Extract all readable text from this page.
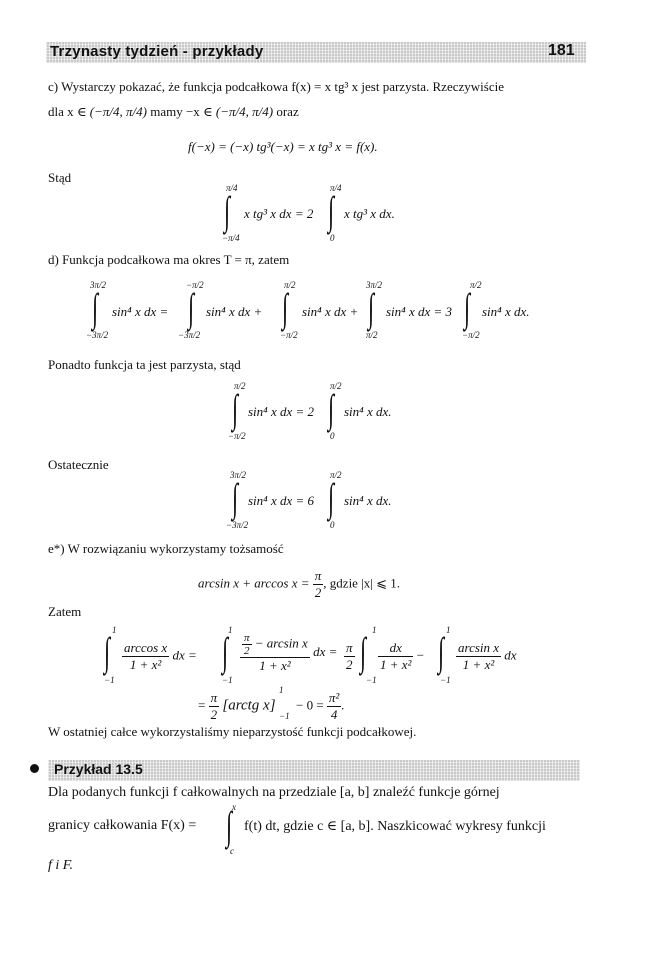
Trzynasty tydzień - przykłady	181
c) Wystarczy pokazać, że funkcja podcałkowa f(x) = x tg³ x jest parzysta. Rzeczywiście
dla x ∈ (−π/4, π/4) mamy −x ∈ (−π/4, π/4) oraz
f(−x) = (−x) tg³(−x) = x tg³ x = f(x).
Stąd
π/4
∫
−π/4
x tg³ x dx = 2
π/4
∫
0
x tg³ x dx.
d) Funkcja podcałkowa ma okres T = π, zatem
3π/2
∫
−3π/2
sin⁴ x dx =
−π/2
∫
−3π/2
sin⁴ x dx +
π/2
∫
−π/2
sin⁴ x dx +
3π/2
∫
π/2
sin⁴ x dx = 3
π/2
∫
−π/2
sin⁴ x dx.
Ponadto funkcja ta jest parzysta, stąd
π/2
∫
−π/2
sin⁴ x dx = 2
π/2
∫
0
sin⁴ x dx.
Ostatecznie
3π/2
∫
−3π/2
sin⁴ x dx = 6
π/2
∫
0
sin⁴ x dx.
e*) W rozwiązaniu wykorzystamy tożsamość
$\arcsin x + \arccos x = \frac{\pi}{2}$ , gdzie |x| ⩽ 1.
Zatem
1
∫
−1
$\frac{\text{arccos x}}{\text{1 + x²}}$ dx =
1
∫
−1
$\frac{\frac{\pi}{2} - \arcsin x}{\text{1 + x²}}$ dx = $\frac{\pi}{2}$
1
∫
−1
$\frac{dx}{\text{1 + x²}}$ −
1
∫
−1
$\frac{\text{arcsin x}}{\text{1 + x²}}$ dx
= $\frac{\pi}{2}$ [arctg x]
1
−1
− $0 = \frac{\text{π²}}{4}$ .
W ostatniej całce wykorzystaliśmy nieparzystość funkcji podcałkowej.
Przykład 13.5
Dla podanych funkcji f całkowalnych na przedziale [a, b] znaleźć funkcje górnej
granicy całkowania F(x) =
x
∫
c
f(t) dt, gdzie c ∈ [a, b]. Naszkicować wykresy funkcji
f i F.
